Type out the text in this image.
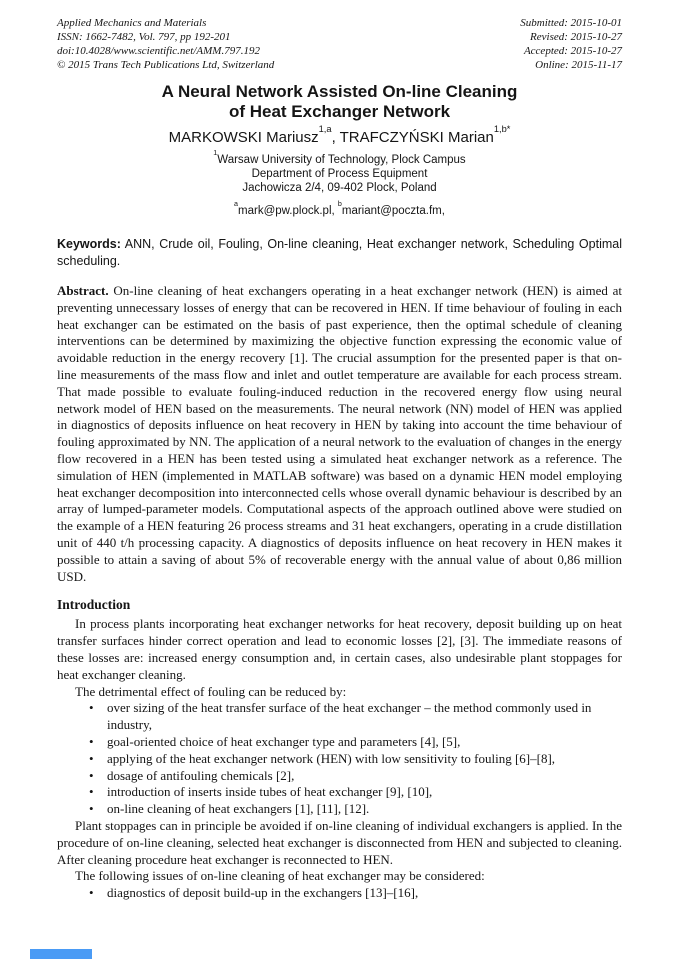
Applied Mechanics and Materials
ISSN: 1662-7482, Vol. 797, pp 192-201
doi:10.4028/www.scientific.net/AMM.797.192
© 2015 Trans Tech Publications Ltd, Switzerland
Submitted: 2015-10-01
Revised: 2015-10-27
Accepted: 2015-10-27
Online: 2015-11-17
A Neural Network Assisted On-line Cleaning
of Heat Exchanger Network
MARKOWSKI Mariusz$^{1,a}$, TRAFCZYŃSKI Marian$^{1,b*}$
$^1$Warsaw University of Technology, Plock Campus
Department of Process Equipment
Jachowicza 2/4, 09-402 Plock, Poland
$^a$mark@pw.plock.pl, $^b$mariant@poczta.fm,

Keywords: ANN, Crude oil, Fouling, On-line cleaning, Heat exchanger network, Scheduling Optimal scheduling.

Abstract. On-line cleaning of heat exchangers operating in a heat exchanger network (HEN) is aimed at preventing unnecessary losses of energy that can be recovered in HEN. If time behaviour of fouling in each heat exchanger can be estimated on the basis of past experience, then the optimal schedule of cleaning interventions can be determined by maximizing the objective function expressing the economic value of avoidable reduction in the energy recovery [1]. The crucial assumption for the presented paper is that on-line measurements of the mass flow and inlet and outlet temperature are available for each process stream. That made possible to evaluate fouling-induced reduction in the recovered energy flow using neural network model of HEN based on the measurements. The neural network (NN) model of HEN was applied in diagnostics of deposits influence on heat recovery in HEN by taking into account the time behaviour of fouling approximated by NN. The application of a neural network to the evaluation of changes in the energy flow recovered in a HEN has been tested using a simulated heat exchanger network as a reference. The simulation of HEN (implemented in MATLAB software) was based on a dynamic HEN model employing heat exchanger decomposition into interconnected cells whose overall dynamic behaviour is described by an array of lumped-parameter models. Computational aspects of the approach outlined above were studied on the example of a HEN featuring 26 process streams and 31 heat exchangers, operating in a crude distillation unit of 440 t/h processing capacity. A diagnostics of deposits influence on heat recovery in HEN makes it possible to attain a saving of about 5% of recoverable energy with the annual value of about 0,86 million USD.

Introduction

In process plants incorporating heat exchanger networks for heat recovery, deposit building up on heat transfer surfaces hinder correct operation and lead to economic losses [2], [3]. The immediate reasons of these losses are: increased energy consumption and, in certain cases, also undesirable plant stoppages for heat exchanger cleaning.

The detrimental effect of fouling can be reduced by:

• over sizing of the heat transfer surface of the heat exchanger – the method commonly used in industry,
• goal-oriented choice of heat exchanger type and parameters [4], [5],
• applying of the heat exchanger network (HEN) with low sensitivity to fouling [6]–[8],
• dosage of antifouling chemicals [2],
• introduction of inserts inside tubes of heat exchanger [9], [10],
• on-line cleaning of heat exchangers [1], [11], [12].

Plant stoppages can in principle be avoided if on-line cleaning of individual exchangers is applied. In the procedure of on-line cleaning, selected heat exchanger is disconnected from HEN and subjected to cleaning. After cleaning procedure heat exchanger is reconnected to HEN.

The following issues of on-line cleaning of heat exchanger may be considered:

• diagnostics of deposit build-up in the exchangers [13]–[16],
